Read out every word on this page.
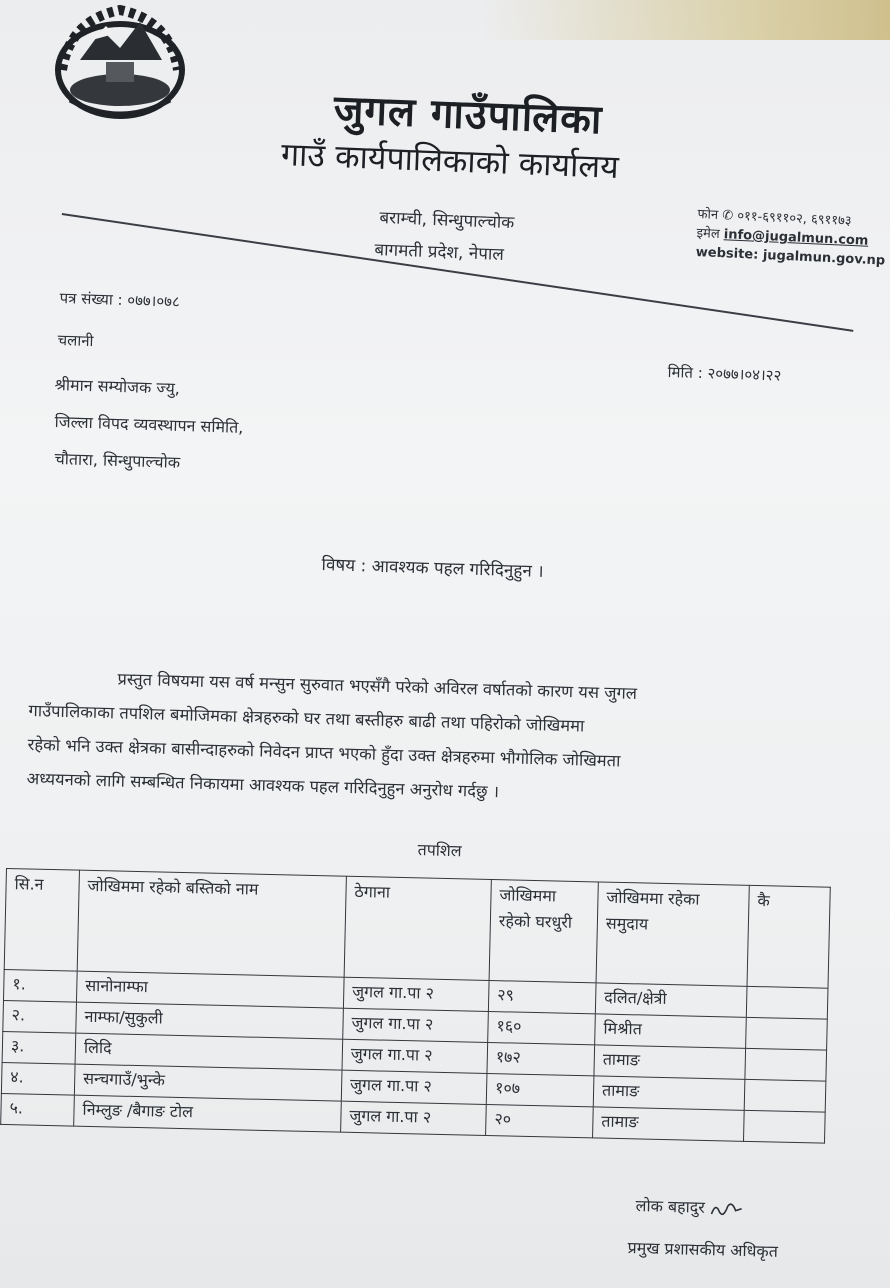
जुगल गाउँपालिका
गाउँ कार्यपालिकाको कार्यालय
बराम्ची, सिन्धुपाल्चोक
बागमती प्रदेश, नेपाल
फोन ✆ ०११-६९११०२, ६९११७३
इमेल info@jugalmun.com
website: jugalmun.gov.np
पत्र संख्या : ०७७।०७८
चलानी
मिति : २०७७।०४।२२
श्रीमान सम्योजक ज्यु,
जिल्ला विपद व्यवस्थापन समिति,
चौतारा, सिन्धुपाल्चोक
विषय : आवश्यक पहल गरिदिनुहुन ।
प्रस्तुत विषयमा यस वर्ष मन्सुन सुरुवात भएसँगै परेको अविरल वर्षातको कारण यस जुगल
गाउँपालिकाका तपशिल बमोजिमका क्षेत्रहरुको घर तथा बस्तीहरु बाढी तथा पहिरोको जोखिममा
रहेको भनि उक्त क्षेत्रका बासीन्दाहरुको निवेदन प्राप्त भएको हुँदा उक्त क्षेत्रहरुमा भौगोलिक जोखिमता
अध्ययनको लागि सम्बन्धित निकायमा आवश्यक पहल गरिदिनुहुन अनुरोध गर्दछु ।
तपशिल
सि.न	जोखिममा रहेको बस्तिको नाम	ठेगाना	जोखिममा रहेको घरधुरी	जोखिममा रहेका समुदाय	कै
१.	सानोनाम्फा	जुगल गा.पा २	२९	दलित/क्षेत्री	
२.	नाम्फा/सुकुली	जुगल गा.पा २	१६०	मिश्रीत	
३.	लिदि	जुगल गा.पा २	१७२	तामाङ	
४.	सन्चगाउँ/भुन्के	जुगल गा.पा २	१०७	तामाङ	
५.	निम्लुङ /बैगाङ टोल	जुगल गा.पा २	२०	तामाङ	
लोक बहादुर
प्रमुख प्रशासकीय अधिकृत
